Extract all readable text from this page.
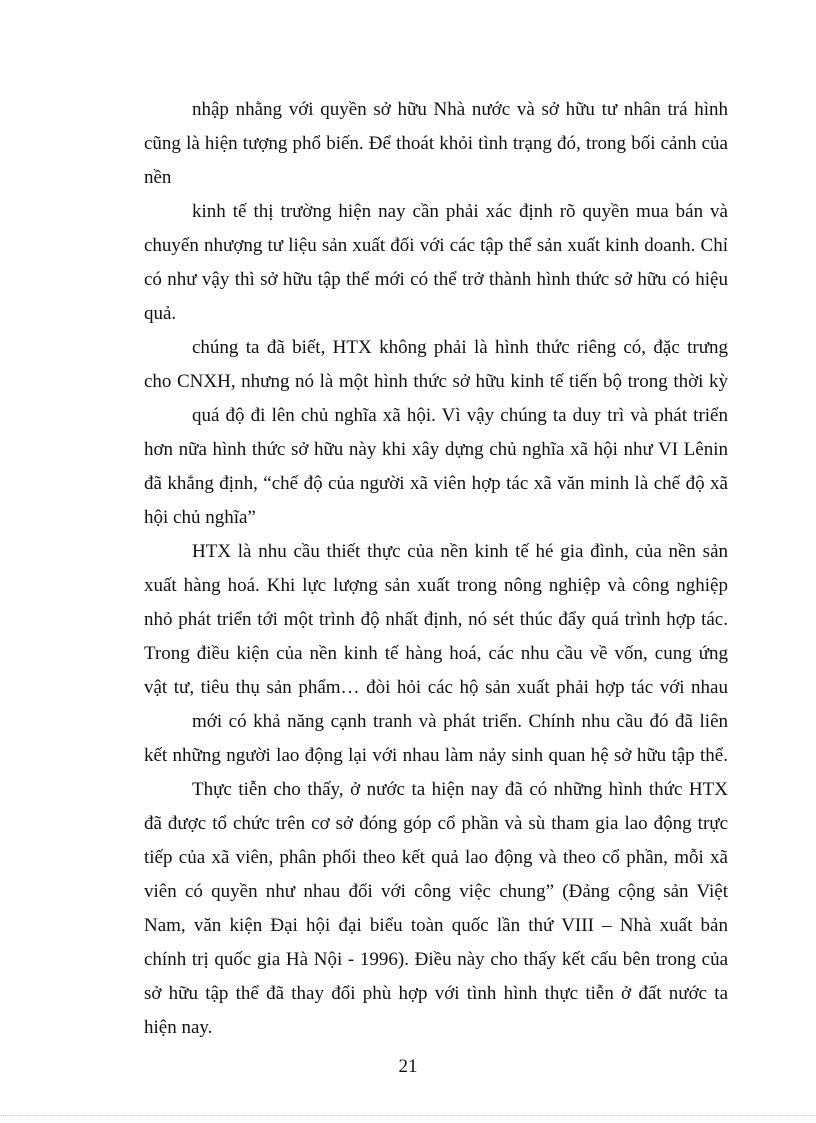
nhập nhằng với quyền sở hữu Nhà nước và sở hữu tư nhân trá hình
cũng là hiện tượng phổ biến. Để thoát khỏi tình trạng đó, trong bối cảnh của
nền
kinh tế thị trường hiện nay cần phải xác định rõ quyền mua bán và
chuyển nhượng tư liệu sản xuất đối với các tập thể sản xuất kinh doanh. Chỉ
có như vậy thì sở hữu tập thể mới có thể trở thành hình thức sở hữu có hiệu
quả.
chúng ta đã biết, HTX không phải là hình thức riêng có, đặc trưng
cho CNXH, nhưng nó là một hình thức sở hữu kinh tế tiến bộ trong thời kỳ
quá độ đi lên chủ nghĩa xã hội. Vì vậy chúng ta duy trì và phát triển
hơn nữa hình thức sở hữu này khi xây dựng chủ nghĩa xã hội như VI Lênin
đã khẳng định, “chế độ của người xã viên hợp tác xã văn minh là chế độ xã
hội chủ nghĩa”
HTX là nhu cầu thiết thực của nền kinh tế hé gia đình, của nền sản
xuất hàng hoá. Khi lực lượng sản xuất trong nông nghiệp và công nghiệp
nhỏ phát triển tới một trình độ nhất định, nó sét thúc đẩy quá trình hợp tác.
Trong điều kiện của nền kinh tế hàng hoá, các nhu cầu về vốn, cung ứng
vật tư, tiêu thụ sản phẩm… đòi hỏi các hộ sản xuất phải hợp tác với nhau
mới có khả năng cạnh tranh và phát triển. Chính nhu cầu đó đã liên
kết những người lao động lại với nhau làm nảy sinh quan hệ sở hữu tập thể.
Thực tiễn cho thấy, ở nước ta hiện nay đã có những hình thức HTX
đã được tổ chức trên cơ sở đóng góp cổ phần và sù tham gia lao động trực
tiếp của xã viên, phân phối theo kết quả lao động và theo cổ phần, mỗi xã
viên có quyền như nhau đối với công việc chung” (Đảng cộng sản Việt
Nam, văn kiện Đại hội đại biểu toàn quốc lần thứ VIII – Nhà xuất bản
chính trị quốc gia Hà Nội - 1996). Điều này cho thấy kết cấu bên trong của
sở hữu tập thể đã thay đổi phù hợp với tình hình thực tiễn ở đất nước ta
hiện nay.
21
